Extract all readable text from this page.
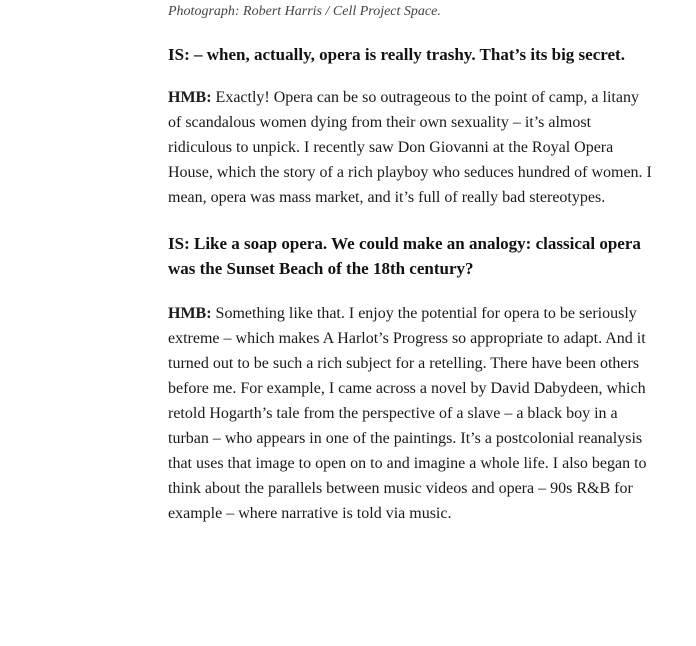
Photograph: Robert Harris / Cell Project Space.

IS: – when, actually, opera is really trashy. That’s its big secret.

HMB: Exactly! Opera can be so outrageous to the point of camp, a litany of scandalous women dying from their own sexuality – it’s almost ridiculous to unpick. I recently saw Don Giovanni at the Royal Opera House, which the story of a rich playboy who seduces hundred of women. I mean, opera was mass market, and it’s full of really bad stereotypes.

IS: Like a soap opera. We could make an analogy: classical opera was the Sunset Beach of the 18th century?

HMB: Something like that. I enjoy the potential for opera to be seriously extreme – which makes A Harlot’s Progress so appropriate to adapt. And it turned out to be such a rich subject for a retelling. There have been others before me. For example, I came across a novel by David Dabydeen, which retold Hogarth’s tale from the perspective of a slave – a black boy in a turban – who appears in one of the paintings. It’s a postcolonial reanalysis that uses that image to open on to and imagine a whole life. I also began to think about the parallels between music videos and opera – 90s R&B for example – where narrative is told via music.
